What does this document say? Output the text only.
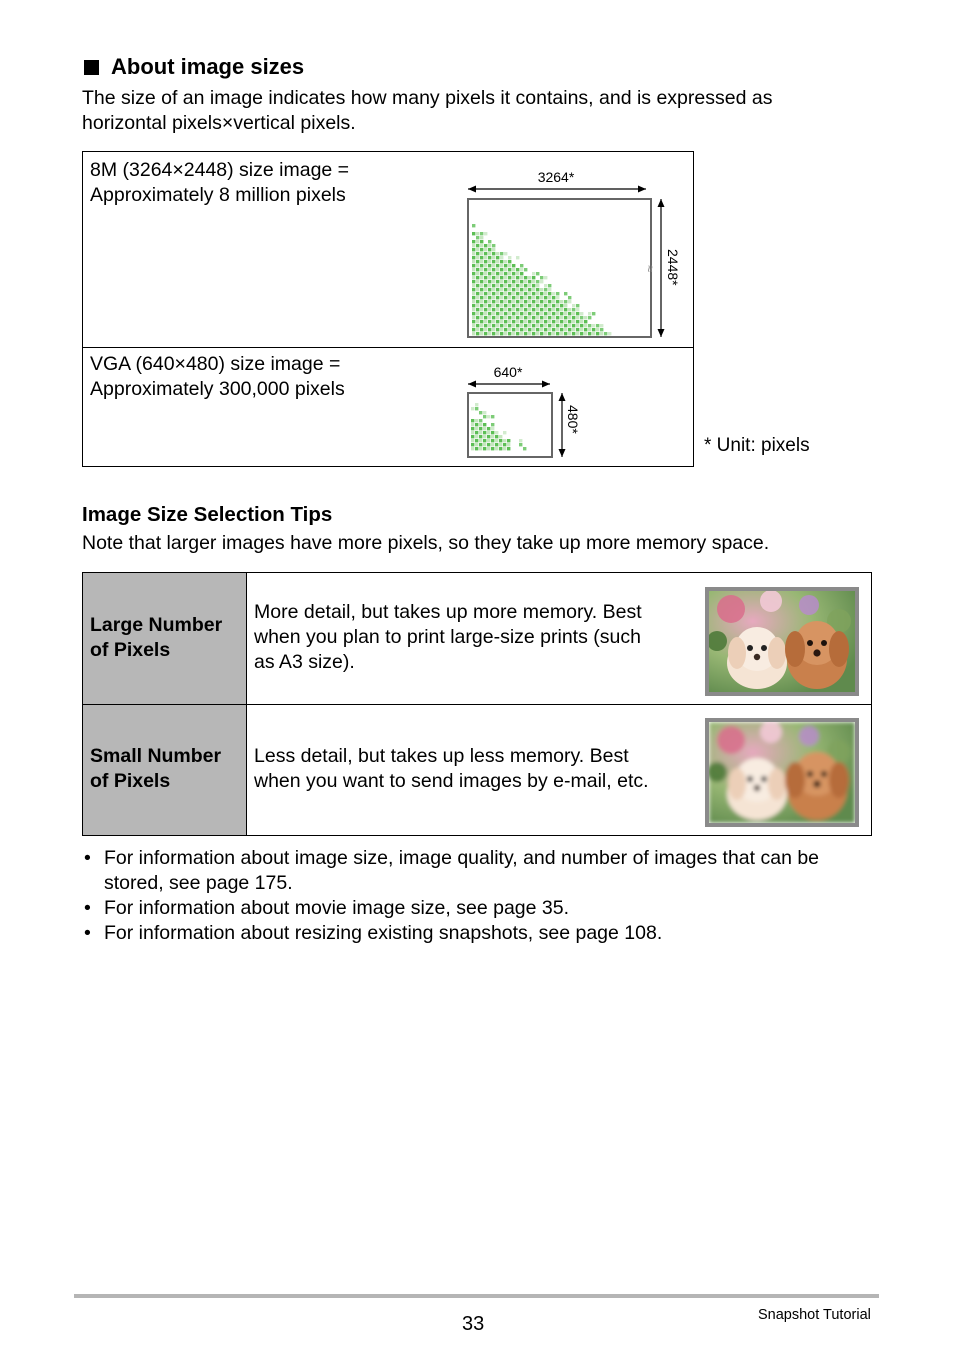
About image sizes
The size of an image indicates how many pixels it contains, and is expressed as horizontal pixels×vertical pixels.
8M (3264×2448) size image =
Approximately 8 million pixels
VGA (640×480) size image =
Approximately 300,000 pixels
3264*
≈ 2448*
640*
480*
* Unit: pixels
Image Size Selection Tips
Note that larger images have more pixels, so they take up more memory space.
Large Number
of Pixels
More detail, but takes up more memory. Best
when you plan to print large-size prints (such
as A3 size).
Small Number
of Pixels
Less detail, but takes up less memory. Best
when you want to send images by e-mail, etc.
• For information about image size, image quality, and number of images that can be
stored, see page 175.
• For information about movie image size, see page 35.
• For information about resizing existing snapshots, see page 108.
33	Snapshot Tutorial
